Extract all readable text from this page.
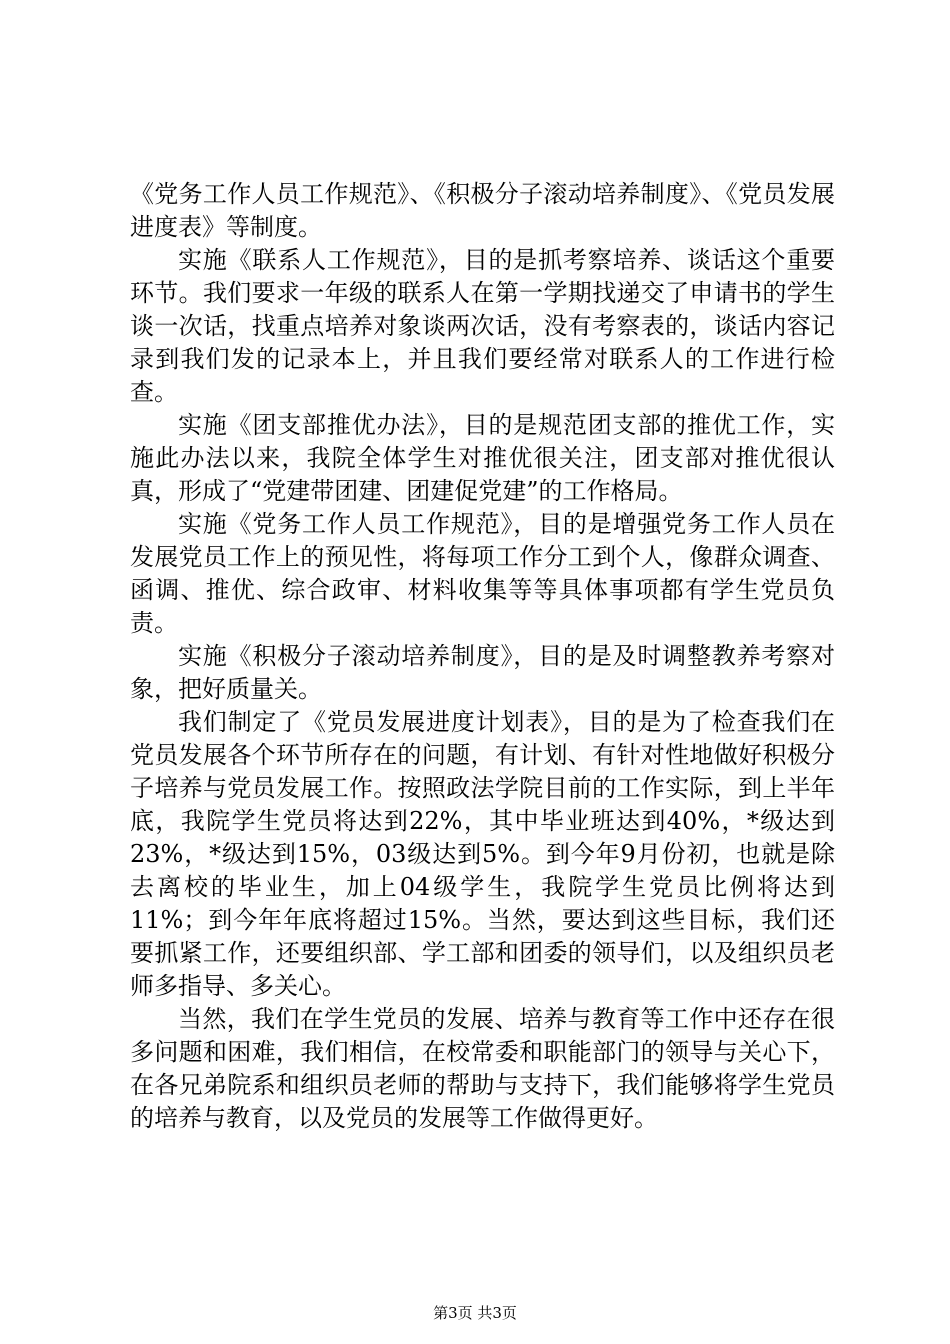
《党务工作人员工作规范》、《积极分子滚动培养制度》、《党员发展进度表》等制度。

实施《联系人工作规范》，目的是抓考察培养、谈话这个重要环节。我们要求一年级的联系人在第一学期找递交了申请书的学生谈一次话，找重点培养对象谈两次话，没有考察表的，谈话内容记录到我们发的记录本上，并且我们要经常对联系人的工作进行检查。

实施《团支部推优办法》，目的是规范团支部的推优工作，实施此办法以来，我院全体学生对推优很关注，团支部对推优很认真，形成了“党建带团建、团建促党建”的工作格局。

实施《党务工作人员工作规范》，目的是增强党务工作人员在发展党员工作上的预见性，将每项工作分工到个人，像群众调查、函调、推优、综合政审、材料收集等等具体事项都有学生党员负责。

实施《积极分子滚动培养制度》，目的是及时调整教养考察对象，把好质量关。

我们制定了《党员发展进度计划表》，目的是为了检查我们在党员发展各个环节所存在的问题，有计划、有针对性地做好积极分子培养与党员发展工作。按照政法学院目前的工作实际，到上半年底，我院学生党员将达到22%，其中毕业班达到40%，*级达到23%，*级达到15%，03级达到5%。到今年9月份初，也就是除去离校的毕业生，加上04级学生，我院学生党员比例将达到11%；到今年年底将超过15%。当然，要达到这些目标，我们还要抓紧工作，还要组织部、学工部和团委的领导们，以及组织员老师多指导、多关心。

当然，我们在学生党员的发展、培养与教育等工作中还存在很多问题和困难，我们相信，在校常委和职能部门的领导与关心下，在各兄弟院系和组织员老师的帮助与支持下，我们能够将学生党员的培养与教育，以及党员的发展等工作做得更好。

第3页 共3页
